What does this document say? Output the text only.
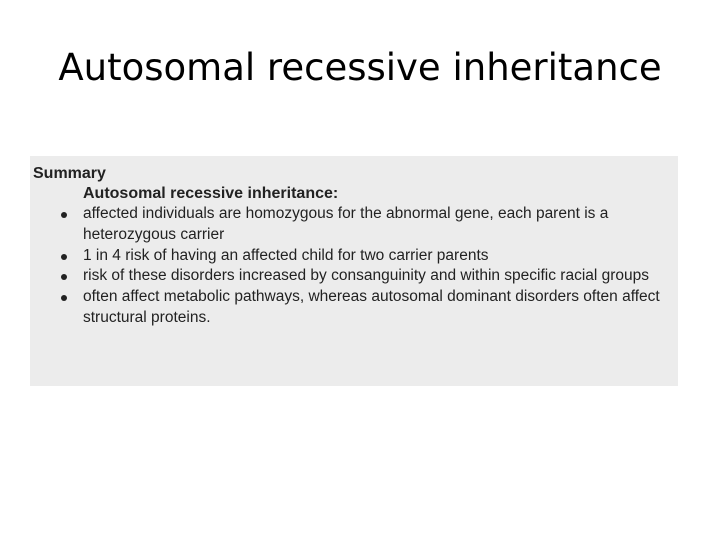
Autosomal recessive inheritance
Summary
Autosomal recessive inheritance:
affected individuals are homozygous for the abnormal gene, each parent is a heterozygous carrier
1 in 4 risk of having an affected child for two carrier parents
risk of these disorders increased by consanguinity and within specific racial groups
often affect metabolic pathways, whereas autosomal dominant disorders often affect structural proteins.
